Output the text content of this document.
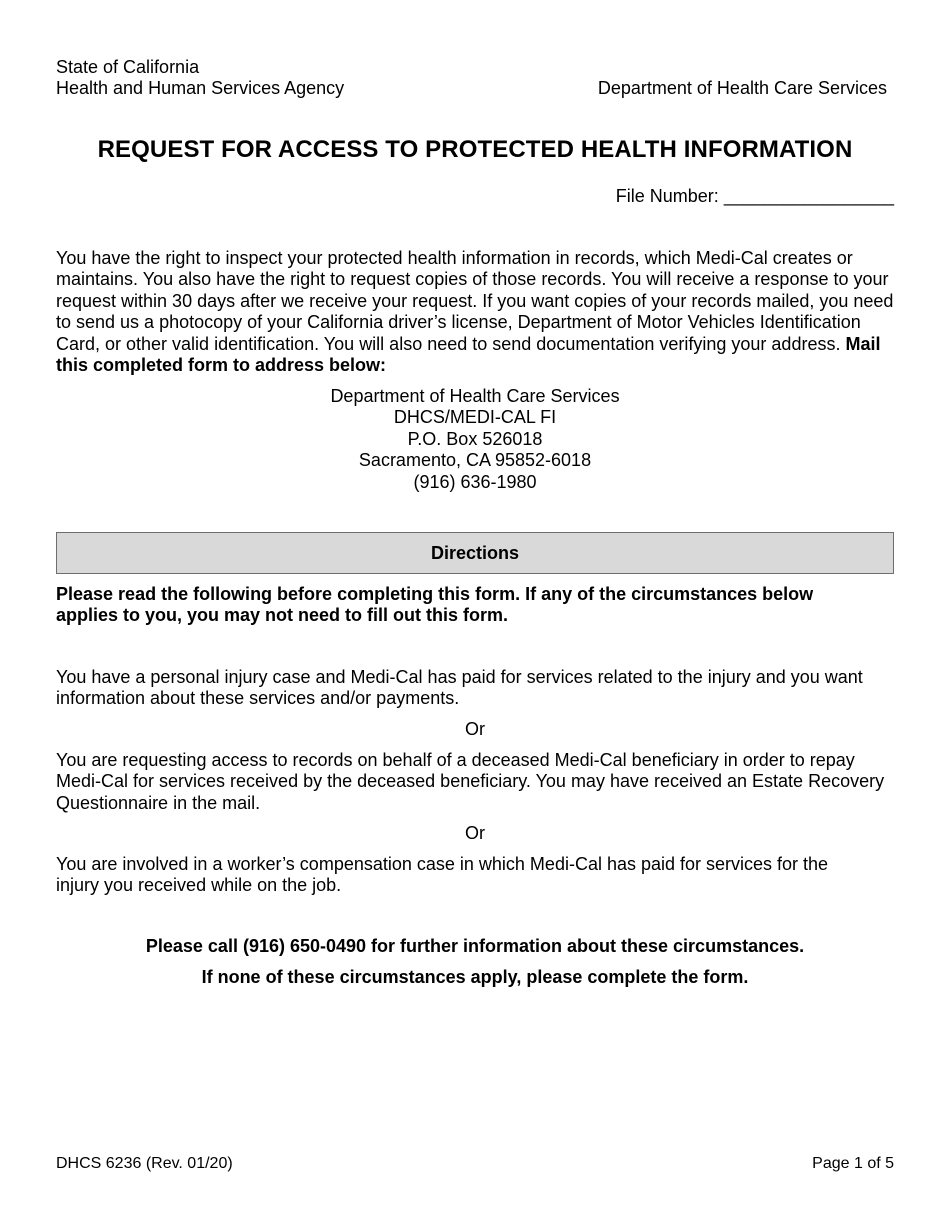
State of California
Health and Human Services Agency	Department of Health Care Services
REQUEST FOR ACCESS TO PROTECTED HEALTH INFORMATION
File Number: _________________
You have the right to inspect your protected health information in records, which Medi-Cal creates or maintains. You also have the right to request copies of those records. You will receive a response to your request within 30 days after we receive your request. If you want copies of your records mailed, you need to send us a photocopy of your California driver’s license, Department of Motor Vehicles Identification Card, or other valid identification. You will also need to send documentation verifying your address. Mail this completed form to address below:
Department of Health Care Services
DHCS/MEDI-CAL FI
P.O. Box 526018
Sacramento, CA 95852-6018
(916) 636-1980
Directions
Please read the following before completing this form. If any of the circumstances below applies to you, you may not need to fill out this form.
You have a personal injury case and Medi-Cal has paid for services related to the injury and you want information about these services and/or payments.
Or
You are requesting access to records on behalf of a deceased Medi-Cal beneficiary in order to repay Medi-Cal for services received by the deceased beneficiary. You may have received an Estate Recovery Questionnaire in the mail.
Or
You are involved in a worker’s compensation case in which Medi-Cal has paid for services for the injury you received while on the job.
Please call (916) 650-0490 for further information about these circumstances.
If none of these circumstances apply, please complete the form.
DHCS 6236 (Rev. 01/20)	Page 1 of 5
